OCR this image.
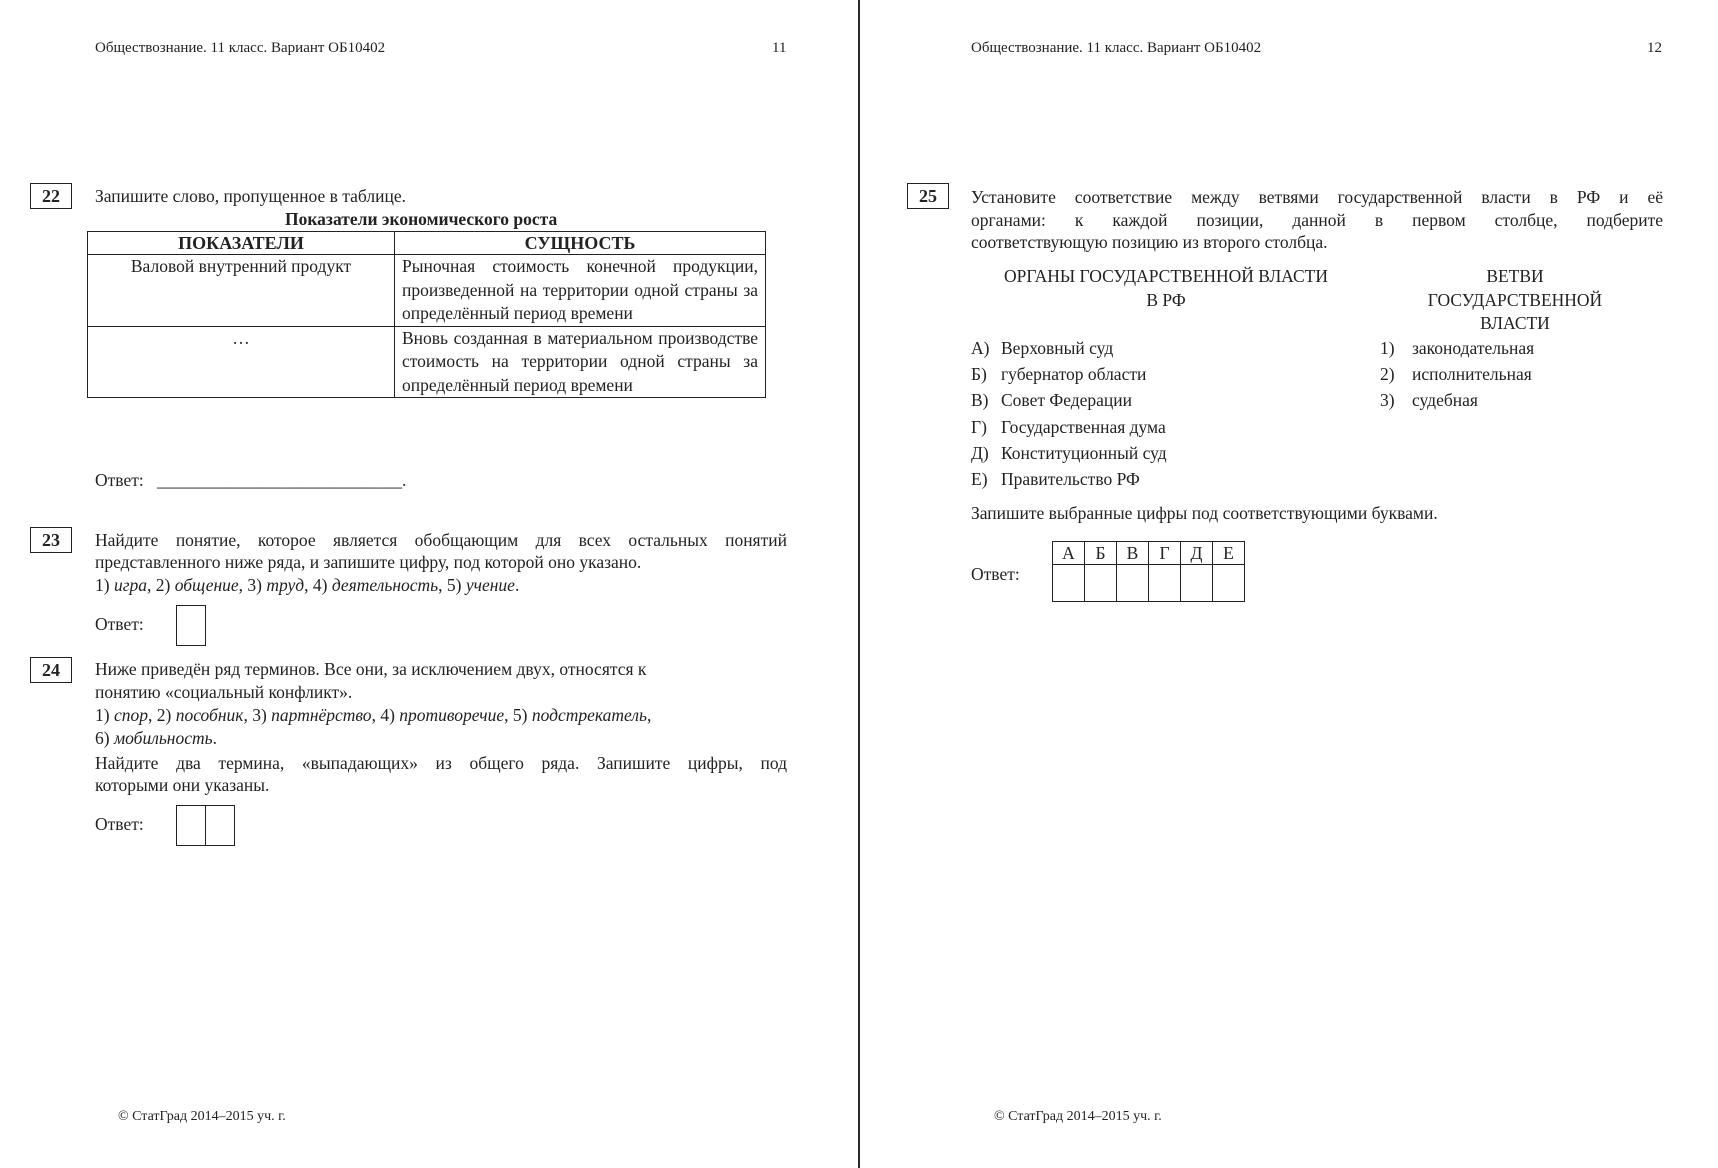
Обществознание. 11 класс. Вариант ОБ10402	11
22	Запишите слово, пропущенное в таблице.
Показатели экономического роста
ПОКАЗАТЕЛИ	СУЩНОСТЬ
Валовой внутренний продукт	Рыночная стоимость конечной продукции, произведенной на территории одной страны за определённый период времени
…	Вновь созданная в материальном производстве стоимость на территории одной страны за определённый период времени
Ответ: ____________________________.
23	Найдите понятие, которое является обобщающим для всех остальных понятий
представленного ниже ряда, и запишите цифру, под которой оно указано.
1) игра, 2) общение, 3) труд, 4) деятельность, 5) учение.
Ответ:
24	Ниже приведён ряд терминов. Все они, за исключением двух, относятся к
понятию «социальный конфликт».
1) спор, 2) пособник, 3) партнёрство, 4) противоречие, 5) подстрекатель,
6) мобильность.
Найдите два термина, «выпадающих» из общего ряда. Запишите цифры, под
которыми они указаны.
Ответ:
© СтатГрад 2014–2015 уч. г.
Обществознание. 11 класс. Вариант ОБ10402	12
25	Установите соответствие между ветвями государственной власти в РФ и её
органами: к каждой позиции, данной в первом столбце, подберите
соответствующую позицию из второго столбца.
ОРГАНЫ ГОСУДАРСТВЕННОЙ ВЛАСТИ
В РФ
ВЕТВИ
ГОСУДАРСТВЕННОЙ
ВЛАСТИ
А) Верховный суд
Б) губернатор области
В) Совет Федерации
Г) Государственная дума
Д) Конституционный суд
Е) Правительство РФ
1) законодательная
2) исполнительная
3) судебная
Запишите выбранные цифры под соответствующими буквами.
Ответ:
А	Б	В	Г	Д	Е

© СтатГрад 2014–2015 уч. г.
